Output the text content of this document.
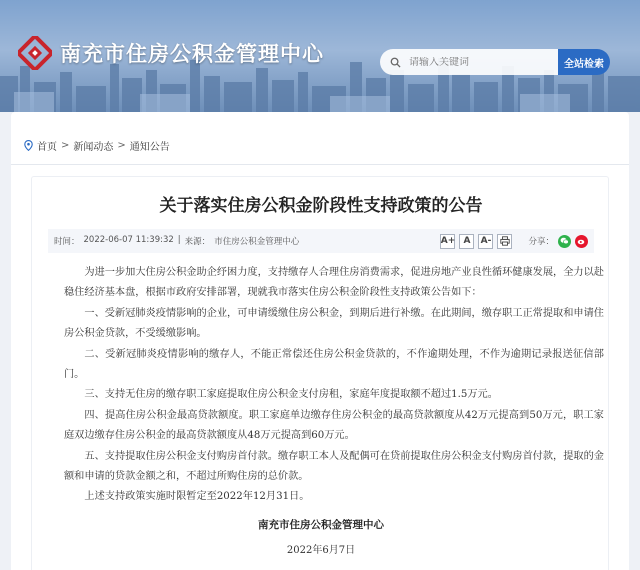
南充市住房公积金管理中心
请输入关键词	全站检索
首页 > 新闻动态 > 通知公告
关于落实住房公积金阶段性支持政策的公告
时间： 2022-06-07 11:39:32 | 来源： 市住房公积金管理中心	A+ A	A-	分享：

为进一步加大住房公积金助企纾困力度，支持缴存人合理住房消费需求，促进房地产业良性循环健康发展，全力以赴稳住经济基本盘，根据市政府安排部署，现就我市落实住房公积金阶段性支持政策公告如下：

一、受新冠肺炎疫情影响的企业，可申请缓缴住房公积金，到期后进行补缴。在此期间，缴存职工正常提取和申请住房公积金贷款，不受缓缴影响。

二、受新冠肺炎疫情影响的缴存人，不能正常偿还住房公积金贷款的，不作逾期处理，不作为逾期记录报送征信部门。

三、支持无住房的缴存职工家庭提取住房公积金支付房租，家庭年度提取额不超过1.5万元。

四、提高住房公积金最高贷款额度。职工家庭单边缴存住房公积金的最高贷款额度从42万元提高到50万元，职工家庭双边缴存住房公积金的最高贷款额度从48万元提高到60万元。

五、支持提取住房公积金支付购房首付款。缴存职工本人及配偶可在贷前提取住房公积金支付购房首付款，提取的金额和申请的贷款金额之和，不超过所购住房的总价款。

上述支持政策实施时限暂定至2022年12月31日。

南充市住房公积金管理中心
2022年6月7日
